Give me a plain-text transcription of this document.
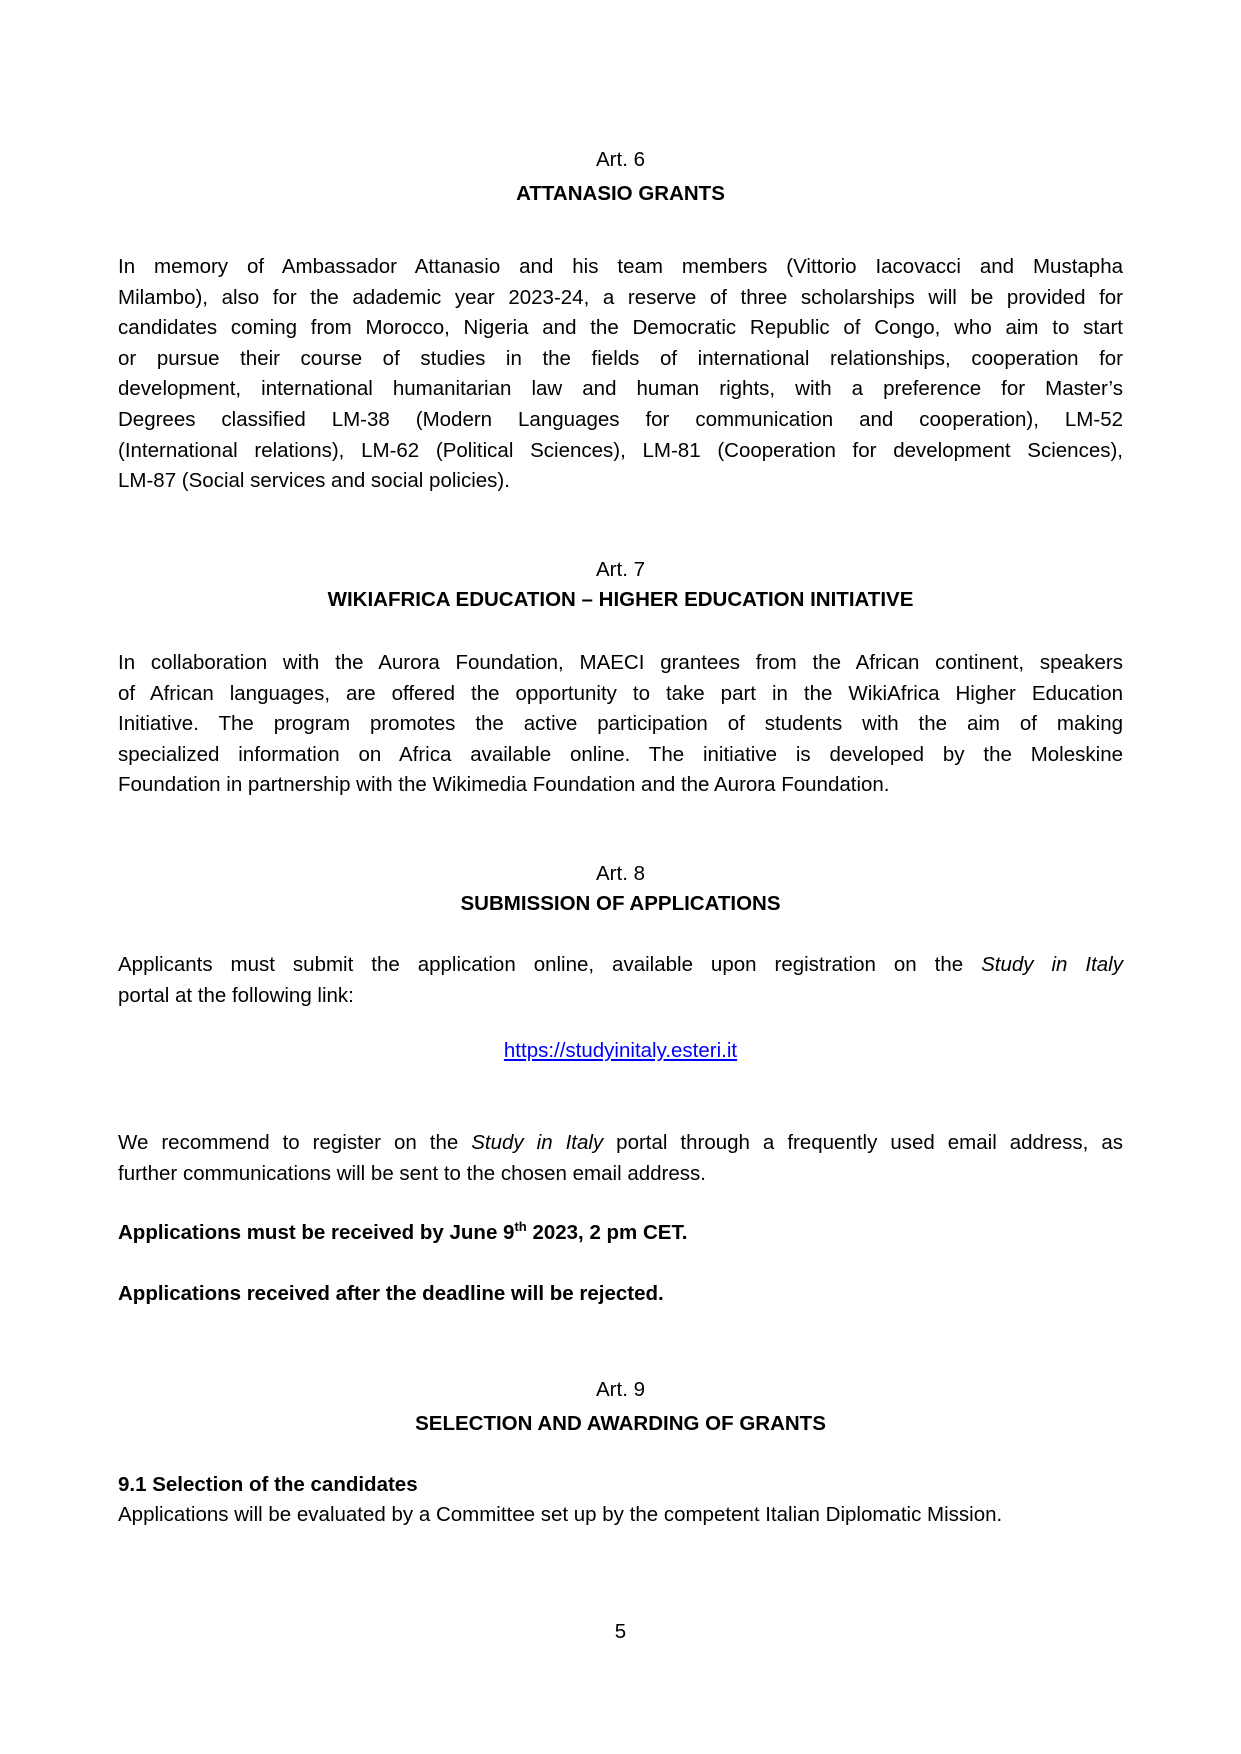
Art. 6
ATTANASIO GRANTS
In memory of Ambassador Attanasio and his team members (Vittorio Iacovacci and Mustapha
Milambo), also for the adademic year 2023-24, a reserve of three scholarships will be provided for
candidates coming from Morocco, Nigeria and the Democratic Republic of Congo, who aim to start
or pursue their course of studies in the fields of international relationships, cooperation for
development, international humanitarian law and human rights, with a preference for Master’s
Degrees classified LM-38 (Modern Languages for communication and cooperation), LM-52
(International relations), LM-62 (Political Sciences), LM-81 (Cooperation for development Sciences),
LM-87 (Social services and social policies).
Art. 7
WIKIAFRICA EDUCATION – HIGHER EDUCATION INITIATIVE
In collaboration with the Aurora Foundation, MAECI grantees from the African continent, speakers
of African languages, are offered the opportunity to take part in the WikiAfrica Higher Education
Initiative. The program promotes the active participation of students with the aim of making
specialized information on Africa available online. The initiative is developed by the Moleskine
Foundation in partnership with the Wikimedia Foundation and the Aurora Foundation.
Art. 8
SUBMISSION OF APPLICATIONS
Applicants must submit the application online, available upon registration on the Study in Italy
portal at the following link:
https://studyinitaly.esteri.it
We recommend to register on the Study in Italy portal through a frequently used email address, as
further communications will be sent to the chosen email address.
Applications must be received by June 9th 2023, 2 pm CET.
Applications received after the deadline will be rejected.
Art. 9
SELECTION AND AWARDING OF GRANTS
9.1 Selection of the candidates
Applications will be evaluated by a Committee set up by the competent Italian Diplomatic Mission.
5
